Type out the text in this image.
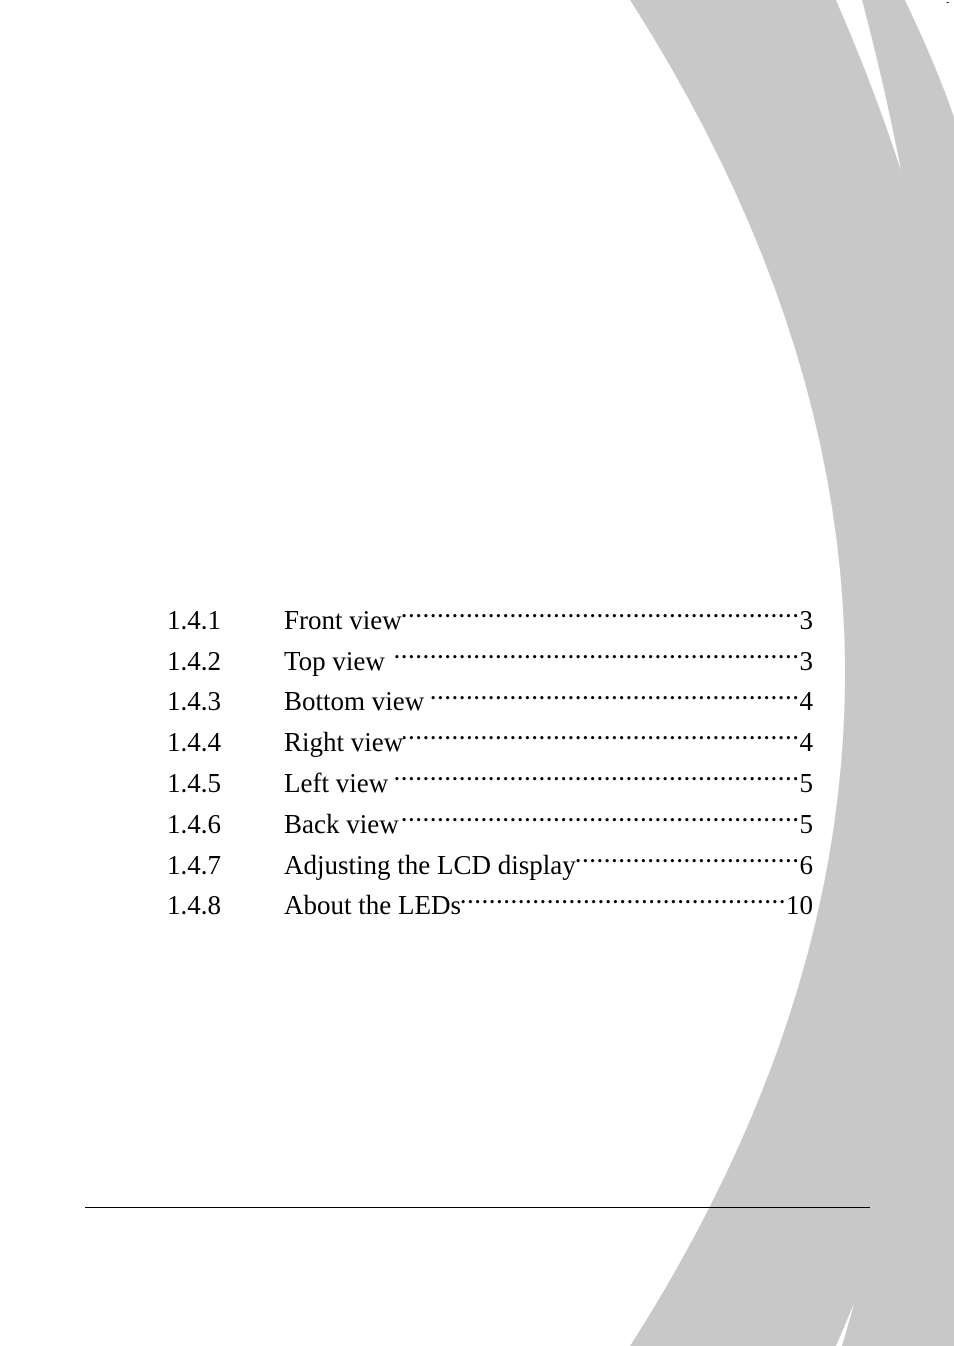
-
1.4.1	Front view .....	3
1.4.2	Top view .....	3
1.4.3	Bottom view .....	4
1.4.4	Right view .....	4
1.4.5	Left view .....	5
1.4.6	Back view .....	5
1.4.7	Adjusting the LCD display .....	6
1.4.8	About the LEDs .....	10
